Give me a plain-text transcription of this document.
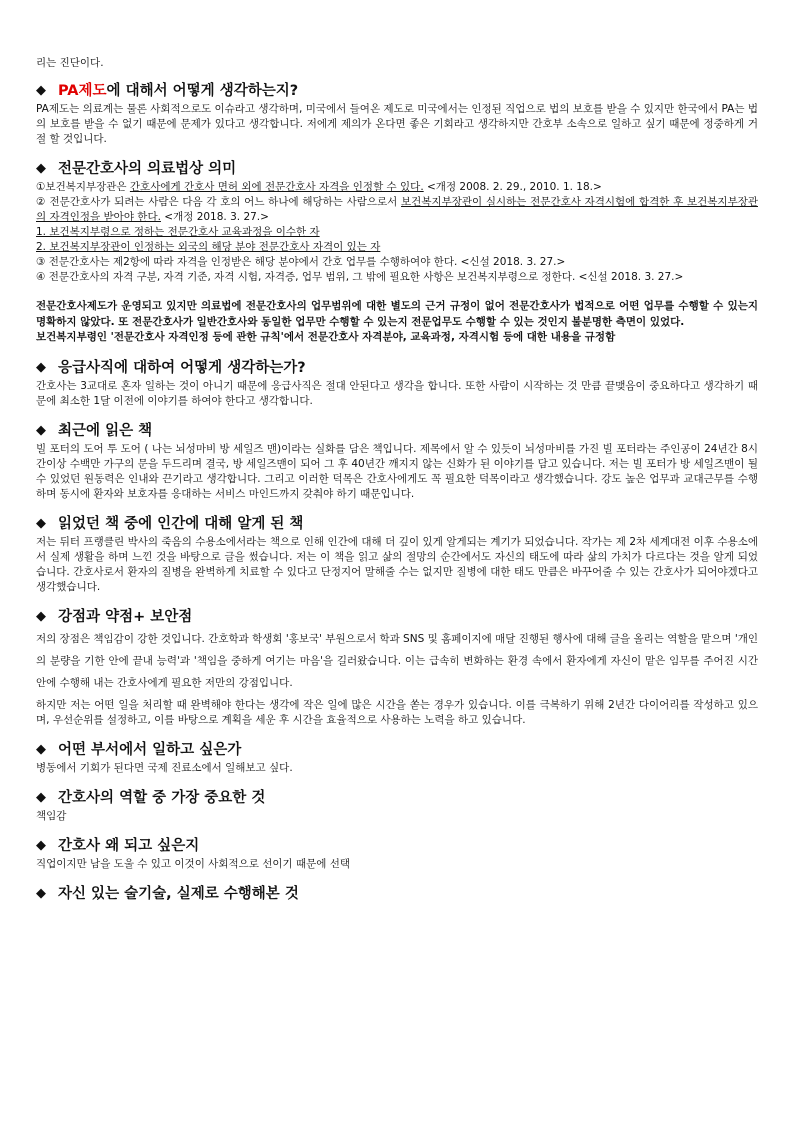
리는 진단이다.

◆ PA제도 에 대해서 어떻게 생각하는지?

PA제도는 의료계는 물론 사회적으로도 이슈라고 생각하며, 미국에서 들여온 제도로 미국에서는 인정된 직업으로 법의 보호를 받을 수 있지만 한국에서 PA는 법의 보호를 받을 수 없기 때문에 문제가 있다고 생각합니다. 저에게 제의가 온다면 좋은 기회라고 생각하지만 간호부 소속으로 일하고 싶기 때문에 정중하게 거절 할 것입니다.

◆ 전문간호사의 의료법상 의미

①보건복지부장관은 간호사에게 간호사 면허 외에 전문간호사 자격을 인정할 수 있다. <개정 2008. 2. 29., 2010. 1. 18.>

② 전문간호사가 되려는 사람은 다음 각 호의 어느 하나에 해당하는 사람으로서 보건복지부장관이 실시하는 전문간호사 자격시험에 합격한 후 보건복지부장관의 자격인정을 받아야 한다. <개정 2018. 3. 27.>

1. 보건복지부령으로 정하는 전문간호사 교육과정을 이수한 자

2. 보건복지부장관이 인정하는 외국의 해당 분야 전문간호사 자격이 있는 자

③ 전문간호사는 제2항에 따라 자격을 인정받은 해당 분야에서 간호 업무를 수행하여야 한다. <신설 2018. 3. 27.>

④ 전문간호사의 자격 구분, 자격 기준, 자격 시험, 자격증, 업무 범위, 그 밖에 필요한 사항은 보건복지부령으로 정한다. <신설 2018. 3. 27.>

전문간호사제도가 운영되고 있지만 의료법에 전문간호사의 업무범위에 대한 별도의 근거 규정이 없어 전문간호사가 법적으로 어떤 업무를 수행할 수 있는지 명확하지 않았다. 또 전문간호사가 일반간호사와 동일한 업무만 수행할 수 있는지 전문업무도 수행할 수 있는 것인지 불분명한 측면이 있었다.

보건복지부령인 '전문간호사 자격인정 등에 관한 규칙'에서 전문간호사 자격분야, 교육과정, 자격시험 등에 대한 내용을 규정함

◆ 응급사직에 대하여 어떻게 생각하는가?

간호사는 3교대로 혼자 일하는 것이 아니기 때문에 응급사직은 절대 안된다고 생각을 합니다. 또한 사람이 시작하는 것 만큼 끝맺음이 중요하다고 생각하기 때문에 최소한 1달 이전에 이야기를 하여야 한다고 생각합니다.

◆ 최근에 읽은 책

빌 포터의 도어 투 도어 ( 나는 뇌성마비 방 세일즈 맨)이라는 실화를 담은 책입니다. 제목에서 알 수 있듯이 뇌성마비를 가진 빌 포터라는 주인공이 24년간 8시간이상 수백만 가구의 문을 두드리며 결국, 방 세일즈맨이 되어 그 후 40년간 깨지지 않는 신화가 된 이야기를 담고 있습니다. 저는 빌 포터가 방 세일즈맨이 될 수 있었던 원동력은 인내와 끈기라고 생각합니다. 그리고 이러한 덕목은 간호사에게도 꼭 필요한 덕목이라고 생각했습니다. 강도 높은 업무과 교대근무를 수행하며 동시에 환자와 보호자를 응대하는 서비스 마인드까지 갖춰야 하기 때문입니다.

◆ 읽었던 책 중에 인간에 대해 알게 된 책

저는 뒤터 프랭클린 박사의 죽음의 수용소에서라는 책으로 인해 인간에 대해 더 깊이 있게 알게되는 계기가 되었습니다. 작가는 제 2차 세계대전 이후 수용소에서 실제 생활을 하며 느낀 것을 바탕으로 글을 썼습니다. 저는 이 책을 읽고 삶의 절망의 순간에서도 자신의 태도에 따라 삶의 가치가 다르다는 것을 알게 되었습니다. 간호사로서 환자의 질병을 완벽하게 치료할 수 있다고 단정지어 말해줄 수는 없지만 질병에 대한 태도 만큼은 바꾸어줄 수 있는 간호사가 되어야겠다고 생각했습니다.

◆ 강점과 약점+ 보안점

저의 장점은 책임감이 강한 것입니다. 간호학과 학생회 '홍보국' 부원으로서 학과 SNS 및 홈페이지에 매달 진행된 행사에 대해 글을 올리는 역할을 맡으며 '개인의 분량을 기한 안에 끝내 능력'과 '책임을 중하게 여기는 마음'을 길러왔습니다. 이는 급속히 변화하는 환경 속에서 환자에게 자신이 맡은 임무를 주어진 시간 안에 수행해 내는 간호사에게 필요한 저만의 강점입니다.

하지만 저는 어떤 일을 처리할 때 완벽해야 한다는 생각에 작은 일에 많은 시간을 쏟는 경우가 있습니다. 이를 극복하기 위해 2년간 다이어리를 작성하고 있으며, 우선순위를 설정하고, 이를 바탕으로 계획을 세운 후 시간을 효율적으로 사용하는 노력을 하고 있습니다.

◆ 어떤 부서에서 일하고 싶은가

병동에서 기회가 된다면 국제 진료소에서 일해보고 싶다.

◆ 간호사의 역할 중 가장 중요한 것

책임감

◆ 간호사 왜 되고 싶은지

직업이지만 남을 도울 수 있고 이것이 사회적으로 선이기 때문에 선택

◆ 자신 있는 술기술, 실제로 수행해본 것
